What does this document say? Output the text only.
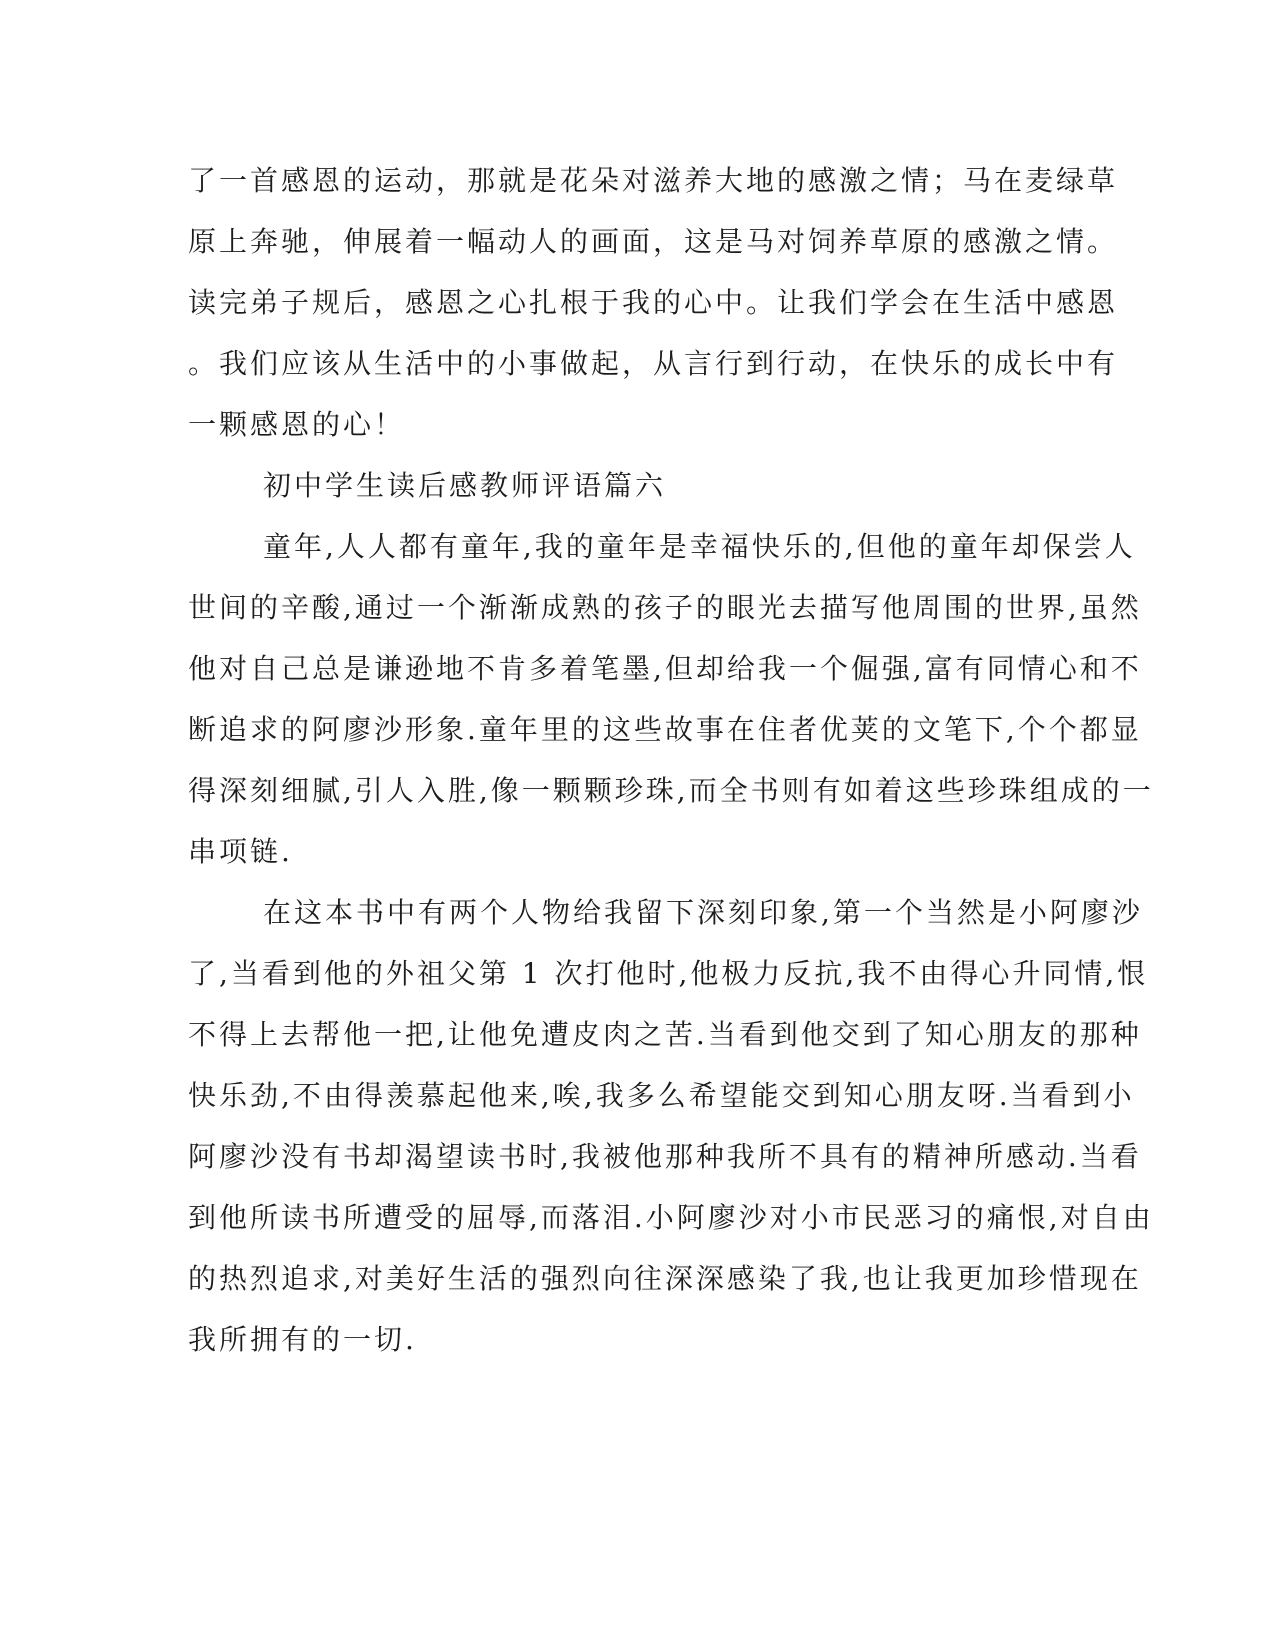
了一首感恩的运动，那就是花朵对滋养大地的感激之情；马在麦绿草
原上奔驰，伸展着一幅动人的画面，这是马对饲养草原的感激之情。
读完弟子规后，感恩之心扎根于我的心中。让我们学会在生活中感恩
。我们应该从生活中的小事做起，从言行到行动，在快乐的成长中有
一颗感恩的心！
初中学生读后感教师评语篇六
童年,人人都有童年,我的童年是幸福快乐的,但他的童年却保尝人
世间的辛酸,通过一个渐渐成熟的孩子的眼光去描写他周围的世界,虽然
他对自己总是谦逊地不肯多着笔墨,但却给我一个倔强,富有同情心和不
断追求的阿廖沙形象.童年里的这些故事在住者优荚的文笔下,个个都显
得深刻细腻,引人入胜,像一颗颗珍珠,而全书则有如着这些珍珠组成的一
串项链.
在这本书中有两个人物给我留下深刻印象,第一个当然是小阿廖沙
了,当看到他的外祖父第 1 次打他时,他极力反抗,我不由得心升同情,恨
不得上去帮他一把,让他免遭皮肉之苦.当看到他交到了知心朋友的那种
快乐劲,不由得羡慕起他来,唉,我多么希望能交到知心朋友呀.当看到小
阿廖沙没有书却渴望读书时,我被他那种我所不具有的精神所感动.当看
到他所读书所遭受的屈辱,而落泪.小阿廖沙对小市民恶习的痛恨,对自由
的热烈追求,对美好生活的强烈向往深深感染了我,也让我更加珍惜现在
我所拥有的一切.
